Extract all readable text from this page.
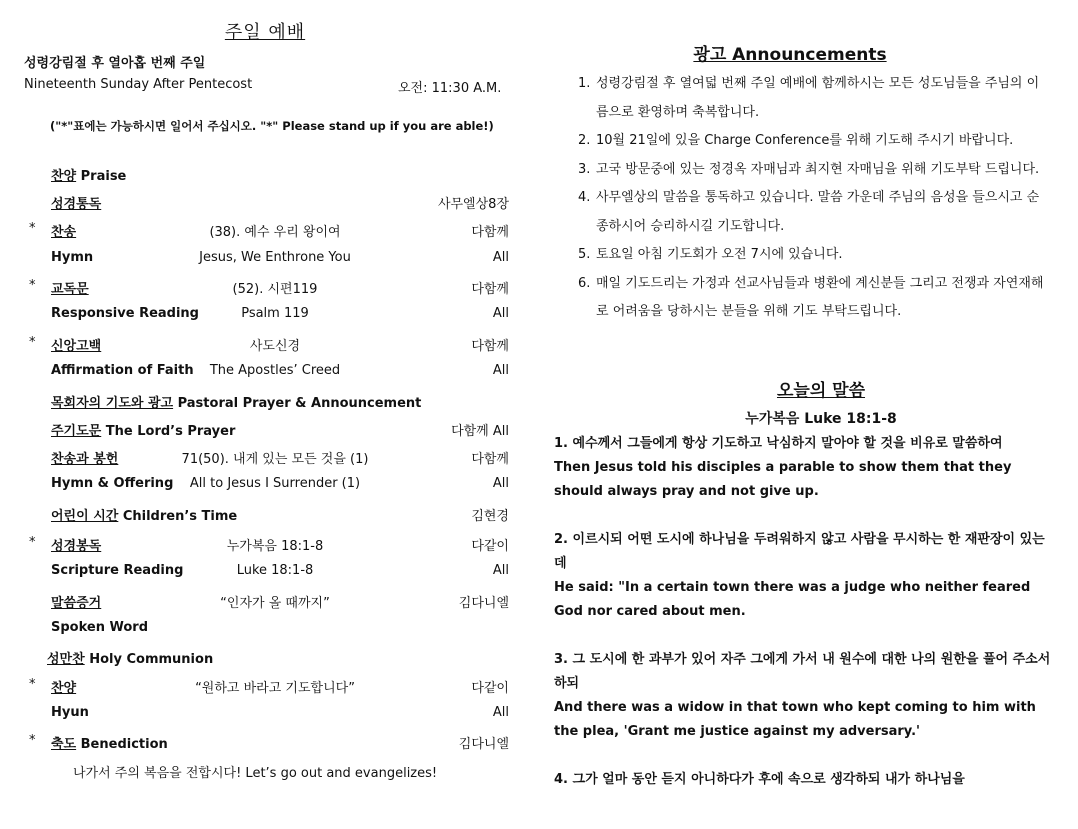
주일 예배
성령강림절 후 열아홉 번째 주일
Nineteenth Sunday After Pentecost	오전: 11:30 A.M.
("*"표에는 가능하시면 일어서 주십시오. "*" Please stand up if you are able!)
찬양 Praise
성경통독	사무엘상8장
* 찬송	(38). 예수 우리 왕이여	다함께
Hymn	Jesus, We Enthrone You	All
* 교독문	(52). 시편119	다함께
Responsive Reading	Psalm 119	All
* 신앙고백	사도신경	다함께
Affirmation of Faith	The Apostles’ Creed	All
목회자의 기도와 광고 Pastoral Prayer & Announcement
주기도문 The Lord’s Prayer	다함께 All
찬송과 봉헌	71(50). 내게 있는 모든 것을 (1)	다함께
Hymn & Offering	All to Jesus I Surrender (1)	All
어린이 시간 Children’s Time	김현경
* 성경봉독	누가복음 18:1-8	다같이
Scripture Reading	Luke 18:1-8	All
말씀증거	“인자가 올 때까지”	김다니엘
Spoken Word
성만찬 Holy Communion
* 찬양	“원하고 바라고 기도합니다”	다같이
Hyun	All
* 축도 Benediction	김다니엘
나가서 주의 복음을 전합시다! Let’s go out and evangelizes!
광고 Announcements
1. 성령강림절 후 열여덟 번째 주일 예배에 함께하시는 모든 성도님들을 주님의 이름으로 환영하며 축복합니다.
2. 10월 21일에 있을 Charge Conference를 위해 기도해 주시기 바랍니다.
3. 고국 방문중에 있는 정경옥 자매님과 최지현 자매님을 위해 기도부탁 드립니다.
4. 사무엘상의 말씀을 통독하고 있습니다. 말씀 가운데 주님의 음성을 들으시고 순종하시어 승리하시길 기도합니다.
5. 토요일 아침 기도회가 오전 7시에 있습니다.
6. 매일 기도드리는 가정과 선교사님들과 병환에 계신분들 그리고 전쟁과 자연재해로 어려움을 당하시는 분들을 위해 기도 부탁드립니다.
오늘의 말씀
누가복음 Luke 18:1-8
1. 예수께서 그들에게 항상 기도하고 낙심하지 말아야 할 것을 비유로 말씀하여
Then Jesus told his disciples a parable to show them that they should always pray and not give up.
2. 이르시되 어떤 도시에 하나님을 두려워하지 않고 사람을 무시하는 한 재판장이 있는데
He said: "In a certain town there was a judge who neither feared God nor cared about men.
3. 그 도시에 한 과부가 있어 자주 그에게 가서 내 원수에 대한 나의 원한을 풀어 주소서 하되
And there was a widow in that town who kept coming to him with the plea, 'Grant me justice against my adversary.'
4. 그가 얼마 동안 듣지 아니하다가 후에 속으로 생각하되 내가 하나님을
